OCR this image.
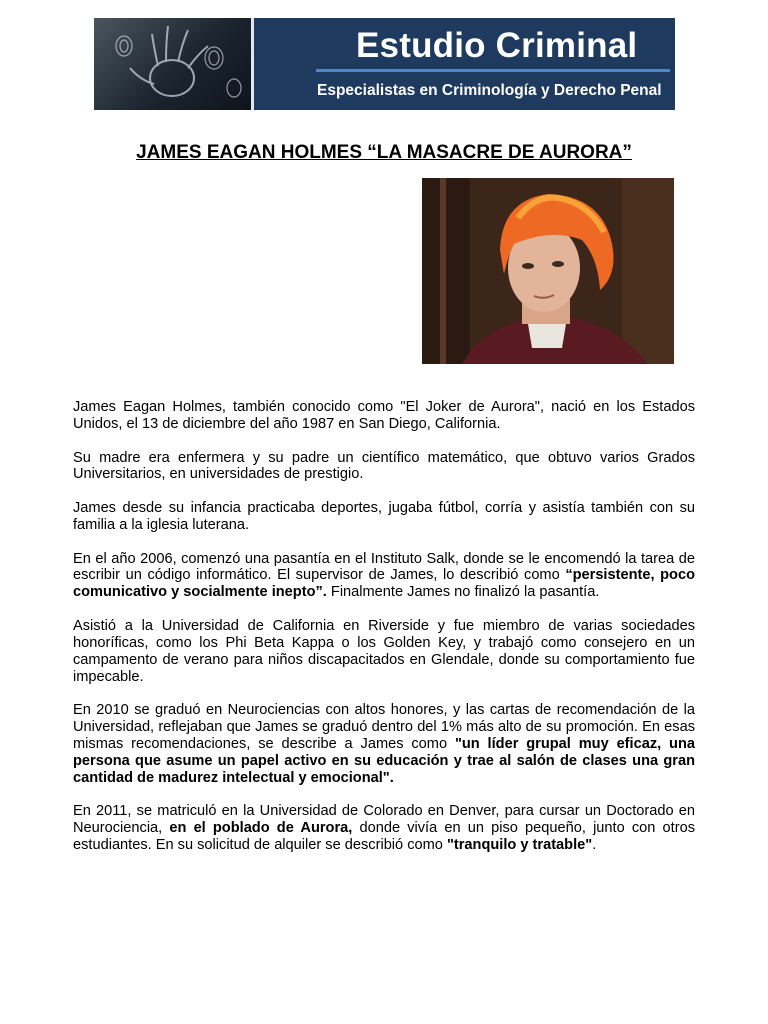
Estudio Criminal
Especialistas en Criminología y Derecho Penal
JAMES EAGAN HOLMES “LA MASACRE DE AURORA”

James Eagan Holmes, también conocido como "El Joker de Aurora", nació en los Estados Unidos, el 13 de diciembre del año 1987 en San Diego, California.

Su madre era enfermera y su padre un científico matemático, que obtuvo varios Grados Universitarios, en universidades de prestigio.

James desde su infancia practicaba deportes, jugaba fútbol, corría y asistía también con su familia a la iglesia luterana.

En el año 2006, comenzó una pasantía en el Instituto Salk, donde se le encomendó la tarea de escribir un código informático. El supervisor de James, lo describió como “persistente, poco comunicativo y socialmente inepto”. Finalmente James no finalizó la pasantía.

Asistió a la Universidad de California en Riverside y fue miembro de varias sociedades honoríficas, como los Phi Beta Kappa o los Golden Key, y trabajó como consejero en un campamento de verano para niños discapacitados en Glendale, donde su comportamiento fue impecable.

En 2010 se graduó en Neurociencias con altos honores, y las cartas de recomendación de la Universidad, reflejaban que James se graduó dentro del 1% más alto de su promoción. En esas mismas recomendaciones, se describe a James como "un líder grupal muy eficaz, una persona que asume un papel activo en su educación y trae al salón de clases una gran cantidad de madurez intelectual y emocional".

En 2011, se matriculó en la Universidad de Colorado en Denver, para cursar un Doctorado en Neurociencia, en el poblado de Aurora, donde vivía en un piso pequeño, junto con otros estudiantes. En su solicitud de alquiler se describió como "tranquilo y tratable".
